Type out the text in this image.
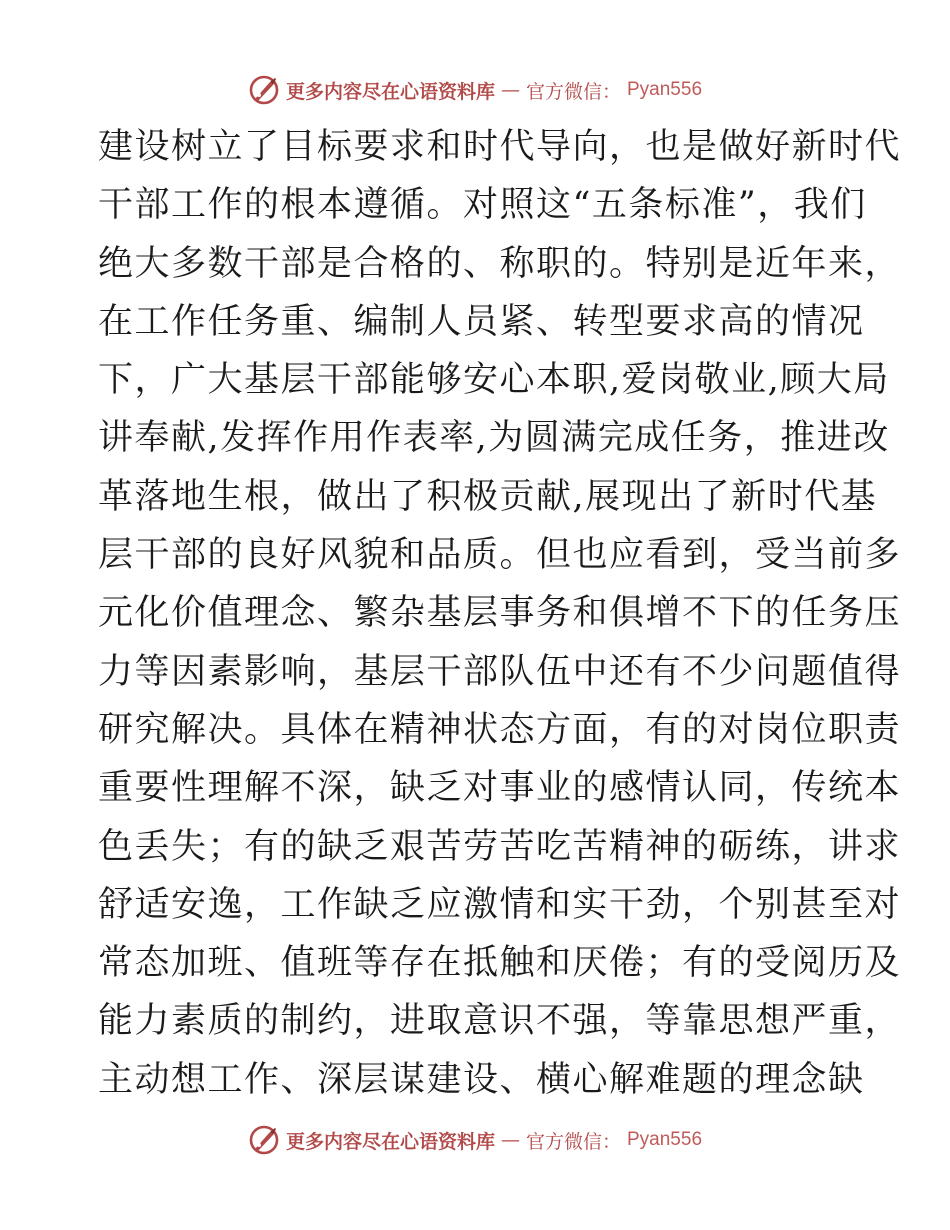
更多内容尽在心语资料库 — 官方微信： Pyan556
建设树立了目标要求和时代导向，也是做好新时代
干部工作的根本遵循。对照这“五条标准”，我们
绝大多数干部是合格的、称职的。特别是近年来，
在工作任务重、编制人员紧、转型要求高的情况
下，广大基层干部能够安心本职,爱岗敬业,顾大局
讲奉献,发挥作用作表率,为圆满完成任务，推进改
革落地生根，做出了积极贡献,展现出了新时代基
层干部的良好风貌和品质。但也应看到，受当前多
元化价值理念、繁杂基层事务和俱增不下的任务压
力等因素影响，基层干部队伍中还有不少问题值得
研究解决。具体在精神状态方面，有的对岗位职责
重要性理解不深，缺乏对事业的感情认同，传统本
色丢失；有的缺乏艰苦劳苦吃苦精神的砺练，讲求
舒适安逸，工作缺乏应激情和实干劲，个别甚至对
常态加班、值班等存在抵触和厌倦；有的受阅历及
能力素质的制约，进取意识不强，等靠思想严重，
主动想工作、深层谋建设、横心解难题的理念缺
更多内容尽在心语资料库 — 官方微信： Pyan556
